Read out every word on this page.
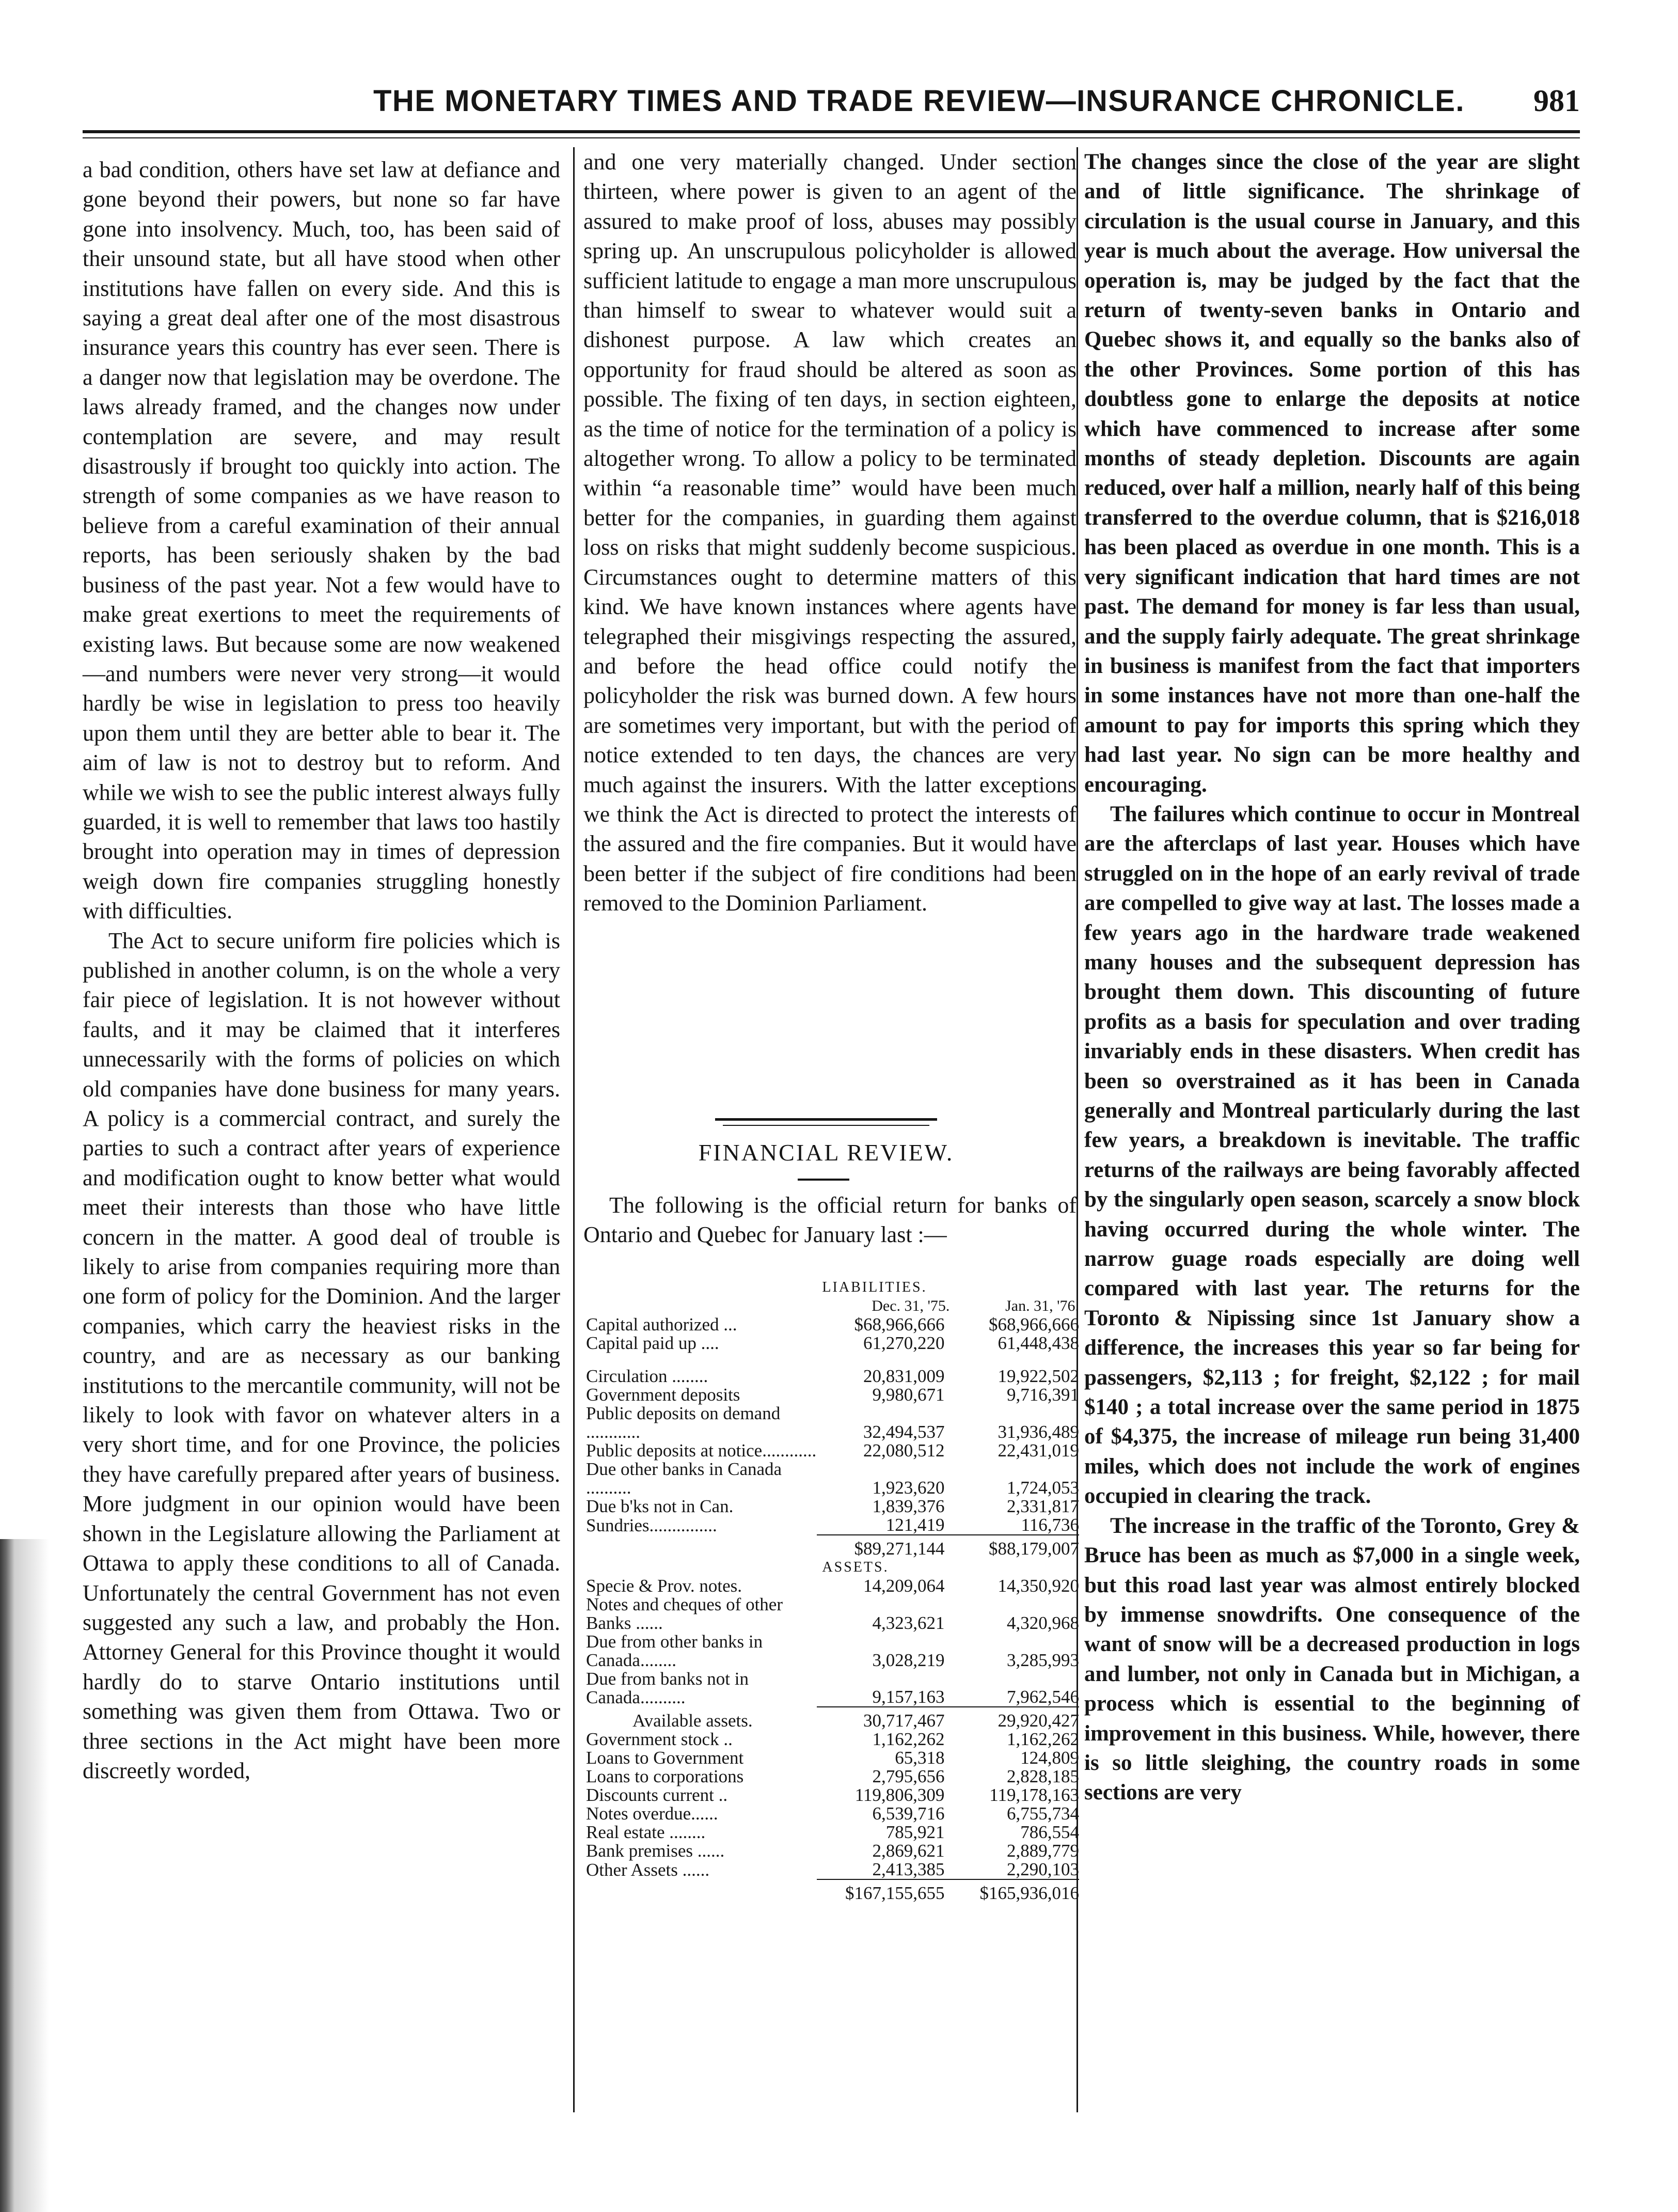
THE MONETARY TIMES AND TRADE REVIEW—INSURANCE CHRONICLE.	981

a bad condition, others have set law at defiance and gone beyond their powers, but none so far have gone into insolvency. Much, too, has been said of their unsound state, but all have stood when other institutions have fallen on every side. And this is saying a great deal after one of the most disastrous insurance years this country has ever seen. There is a danger now that legislation may be overdone. The laws already framed, and the changes now under contemplation are severe, and may result disastrously if brought too quickly into action. The strength of some companies as we have reason to believe from a careful examination of their annual reports, has been seriously shaken by the bad business of the past year. Not a few would have to make great exertions to meet the requirements of existing laws. But because some are now weakened—and numbers were never very strong—it would hardly be wise in legislation to press too heavily upon them until they are better able to bear it. The aim of law is not to destroy but to reform. And while we wish to see the public interest always fully guarded, it is well to remember that laws too hastily brought into operation may in times of depression weigh down fire companies struggling honestly with difficulties.

The Act to secure uniform fire policies which is published in another column, is on the whole a very fair piece of legislation. It is not however without faults, and it may be claimed that it interferes unnecessarily with the forms of policies on which old companies have done business for many years. A policy is a commercial contract, and surely the parties to such a contract after years of experience and modification ought to know better what would meet their interests than those who have little concern in the matter. A good deal of trouble is likely to arise from companies requiring more than one form of policy for the Dominion. And the larger companies, which carry the heaviest risks in the country, and are as necessary as our banking institutions to the mercantile community, will not be likely to look with favor on whatever alters in a very short time, and for one Province, the policies they have carefully prepared after years of business. More judgment in our opinion would have been shown in the Legislature allowing the Parliament at Ottawa to apply these conditions to all of Canada. Unfortunately the central Government has not even suggested any such a law, and probably the Hon. Attorney General for this Province thought it would hardly do to starve Ontario institutions until something was given them from Ottawa. Two or three sections in the Act might have been more discreetly worded,

and one very materially changed. Under section thirteen, where power is given to an agent of the assured to make proof of loss, abuses may possibly spring up. An unscrupulous policyholder is allowed sufficient latitude to engage a man more unscrupulous than himself to swear to whatever would suit a dishonest purpose. A law which creates an opportunity for fraud should be altered as soon as possible. The fixing of ten days, in section eighteen, as the time of notice for the termination of a policy is altogether wrong. To allow a policy to be terminated within “a reasonable time” would have been much better for the companies, in guarding them against loss on risks that might suddenly become suspicious. Circumstances ought to determine matters of this kind. We have known instances where agents have telegraphed their misgivings respecting the assured, and before the head office could notify the policyholder the risk was burned down. A few hours are sometimes very important, but with the period of notice extended to ten days, the chances are very much against the insurers. With the latter exceptions we think the Act is directed to protect the interests of the assured and the fire companies. But it would have been better if the subject of fire conditions had been removed to the Dominion Parliament.

FINANCIAL REVIEW.
The following is the official return for banks of Ontario and Quebec for January last :—
	LIABILITIES.	
	Dec. 31, '75.	Jan. 31, '76.
Capital authorized ...	$68,966,666	$68,966,666
Capital paid up ....	61,270,220	61,448,438

Circulation ........	20,831,009	19,922,502
Government deposits	9,980,671	9,716,391
Public deposits on demand ............	32,494,537	31,936,489
Public deposits at notice............	22,080,512	22,431,019
Due other banks in Canada ..........	1,923,620	1,724,053
Due b'ks not in Can.	1,839,376	2,331,817
Sundries...............	121,419	116,736
	$89,271,144	$88,179,007
	ASSETS.	
Specie & Prov. notes.	14,209,064	14,350,920
Notes and cheques of other Banks ......	4,323,621	4,320,968
Due from other banks in Canada........	3,028,219	3,285,993
Due from banks not in Canada..........	9,157,163	7,962,546
Available assets.	30,717,467	29,920,427
Government stock ..	1,162,262	1,162,262
Loans to Government	65,318	124,809
Loans to corporations	2,795,656	2,828,185
Discounts current ..	119,806,309	119,178,163
Notes overdue......	6,539,716	6,755,734
Real estate ........	785,921	786,554
Bank premises ......	2,869,621	2,889,779
Other Assets ......	2,413,385	2,290,103
	$167,155,655	$165,936,016

The changes since the close of the year are slight and of little significance. The shrinkage of circulation is the usual course in January, and this year is much about the average. How universal the operation is, may be judged by the fact that the return of twenty-seven banks in Ontario and Quebec shows it, and equally so the banks also of the other Provinces. Some portion of this has doubtless gone to enlarge the deposits at notice which have commenced to increase after some months of steady depletion. Discounts are again reduced, over half a million, nearly half of this being transferred to the overdue column, that is $216,018 has been placed as overdue in one month. This is a very significant indication that hard times are not past. The demand for money is far less than usual, and the supply fairly adequate. The great shrinkage in business is manifest from the fact that importers in some instances have not more than one-half the amount to pay for imports this spring which they had last year. No sign can be more healthy and encouraging.

The failures which continue to occur in Montreal are the afterclaps of last year. Houses which have struggled on in the hope of an early revival of trade are compelled to give way at last. The losses made a few years ago in the hardware trade weakened many houses and the subsequent depression has brought them down. This discounting of future profits as a basis for speculation and over trading invariably ends in these disasters. When credit has been so overstrained as it has been in Canada generally and Montreal particularly during the last few years, a breakdown is inevitable. The traffic returns of the railways are being favorably affected by the singularly open season, scarcely a snow block having occurred during the whole winter. The narrow guage roads especially are doing well compared with last year. The returns for the Toronto & Nipissing since 1st January show a difference, the increases this year so far being for passengers, $2,113 ; for freight, $2,122 ; for mail $140 ; a total increase over the same period in 1875 of $4,375, the increase of mileage run being 31,400 miles, which does not include the work of engines occupied in clearing the track.

The increase in the traffic of the Toronto, Grey & Bruce has been as much as $7,000 in a single week, but this road last year was almost entirely blocked by immense snowdrifts. One consequence of the want of snow will be a decreased production in logs and lumber, not only in Canada but in Michigan, a process which is essential to the beginning of improvement in this business. While, however, there is so little sleighing, the country roads in some sections are very
